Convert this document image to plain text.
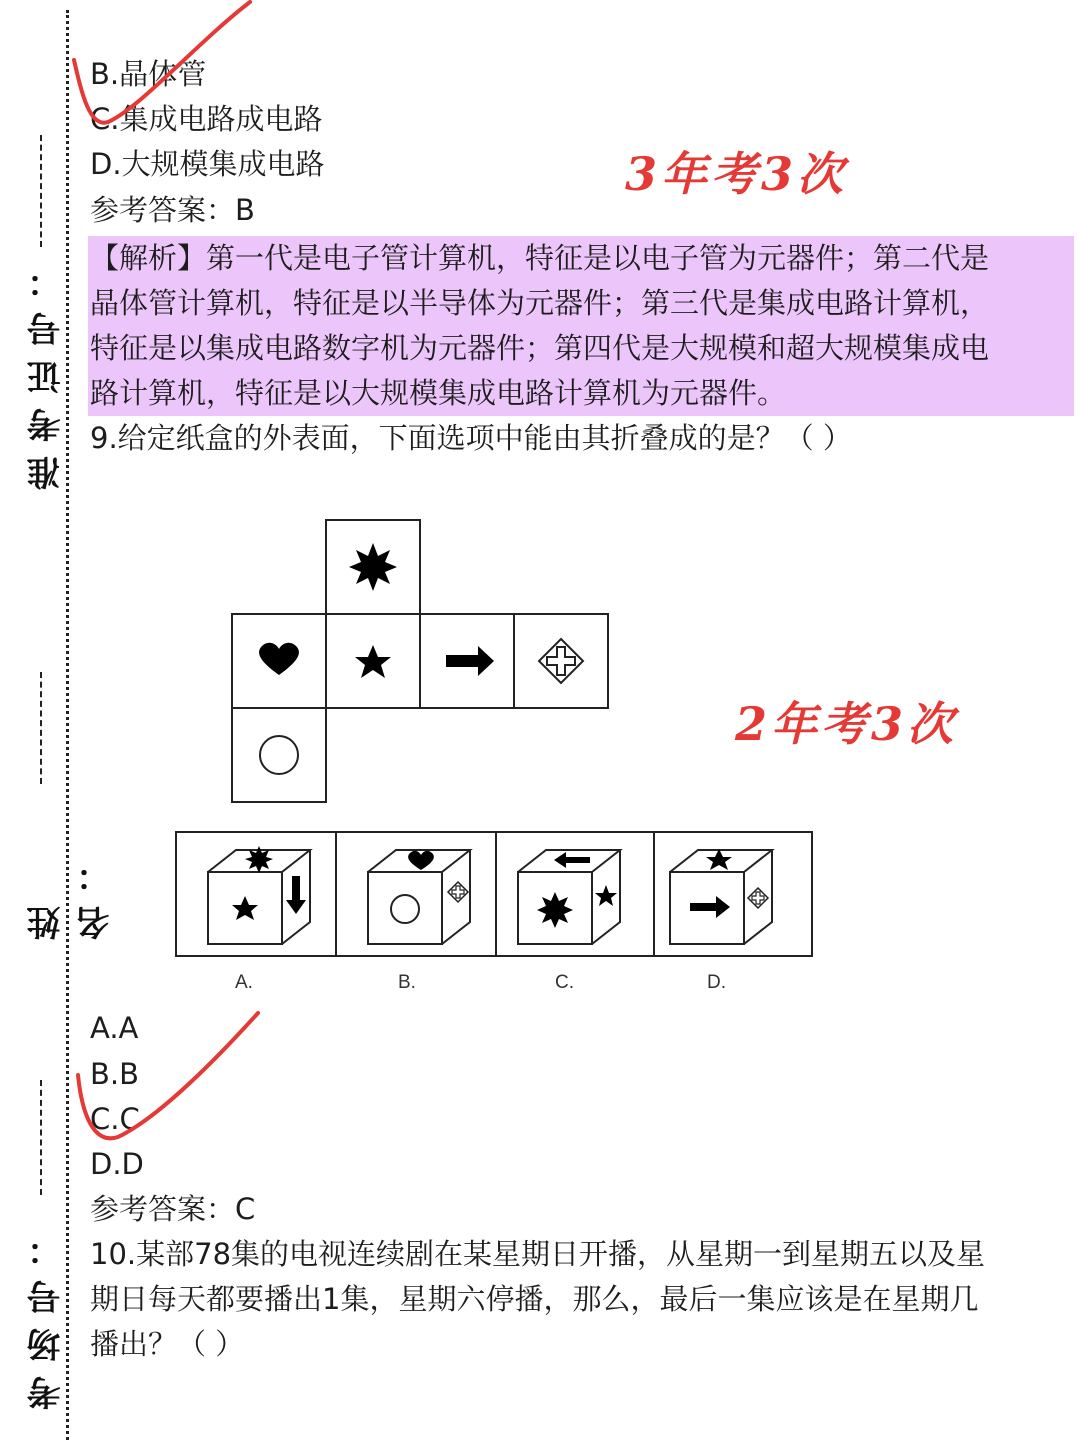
准考证号：
姓 名：
考场号：
B.晶体管
C.集成电路成电路
D.大规模集成电路
参考答案：B
3年考3次
【解析】第一代是电子管计算机，特征是以电子管为元器件；第二代是
晶体管计算机，特征是以半导体为元器件；第三代是集成电路计算机，
特征是以集成电路数字机为元器件；第四代是大规模和超大规模集成电
路计算机，特征是以大规模集成电路计算机为元器件。
9.给定纸盒的外表面，下面选项中能由其折叠成的是？（ ）
2年考3次
A.	B.	C.	D.
A.A
B.B
C.C
D.D
参考答案：C
10.某部78集的电视连续剧在某星期日开播，从星期一到星期五以及星
期日每天都要播出1集，星期六停播，那么，最后一集应该是在星期几
播出？（ ）
